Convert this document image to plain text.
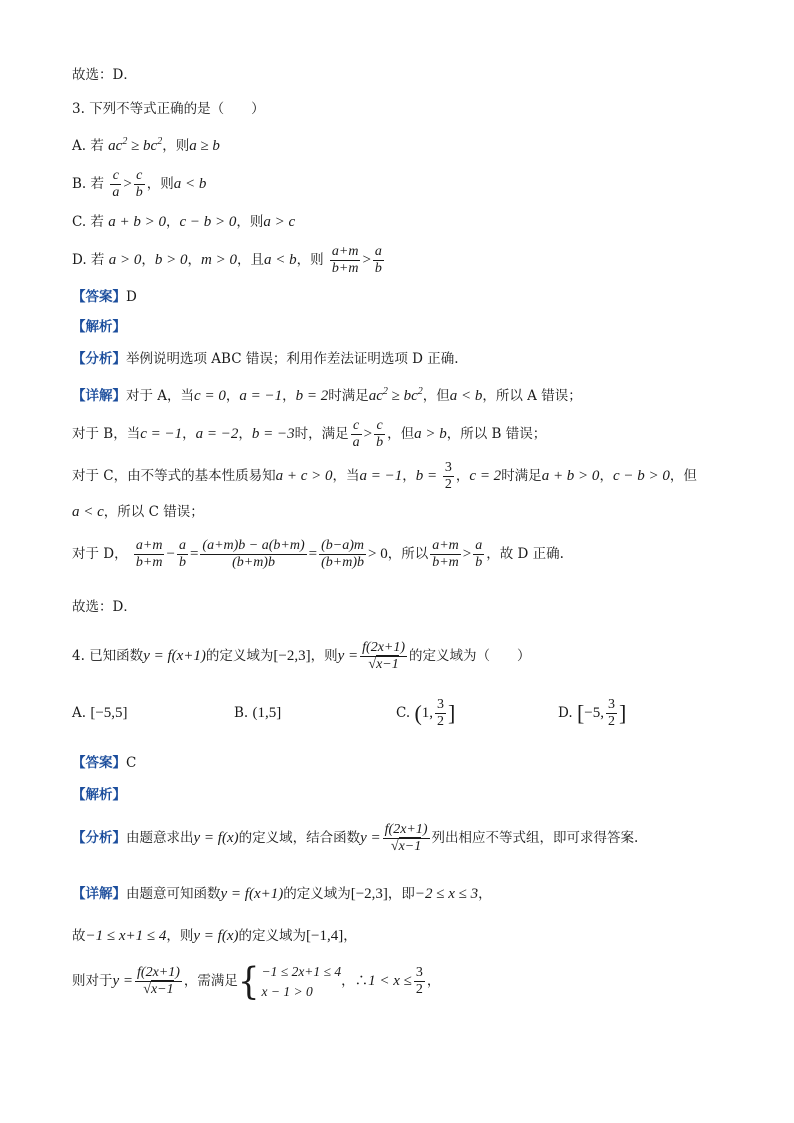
故选：D．
3. 下列不等式正确的是（　　）
A. 若 $ac^2 \ge bc^2$，则a ≥ b
B. 若 $\frac{c}{a} > \frac{c}{b}$ ，则a < b
C. 若 a + b > 0，c − b > 0，则a > c
D. 若 a > 0，b > 0，m > 0，且a < b，则 $\frac{a+m}{b+m} > \frac{a}{b}$
【答案】D
【解析】
【分析】举例说明选项 ABC 错误；利用作差法证明选项 D 正确.
【详解】对于 A，当c = 0，a = −1，b = 2时满足$ac^2 \ge bc^2$，但a < b，所以 A 错误；
对于 B，当c = −1，a = −2，b = −3时，满足 $\frac{c}{a} > \frac{c}{b}$ ，但a > b，所以 B 错误；
对于 C，由不等式的基本性质易知a + c > 0，当a = −1，$b = \frac{3}{2}$ ，c = 2时满足a + b > 0，c − b > 0，但
a < c，所以 C 错误；
对于 D， $\frac{a+m}{b+m} - \frac{a}{b} = \frac{(a+m)b - a(b+m)}{(b+m)b} = \frac{(b-a)m}{(b+m)b} > 0$，所以 $\frac{a+m}{b+m} > \frac{a}{b}$ ，故 D 正确.
故选：D．
4. 已知函数y = f(x+1)的定义域为[−2,3]，则$y = \frac{f(2x+1)}{√x-1}$ 的定义域为（　　）
A. [−5,5]	B. (1,5]	C. (1, $\frac{3}{2}$ ]	D. [−5, $\frac{3}{2}$ ]
【答案】C
【解析】
【分析】由题意求出y = f(x)的定义域，结合函数$y = \frac{f(2x+1)}{√x-1}$ 列出相应不等式组，即可求得答案.
【详解】由题意可知函数y = f(x+1)的定义域为[−2,3]，即−2 ≤ x ≤ 3，
故−1 ≤ x+1 ≤ 4，则y = f(x)的定义域为[−1,4]，
则对于$y = \frac{f(2x+1)}{√x-1}$ ，需满足{ −1 ≤ 2x+1 ≤ 4
x − 1 > 0，∴1 < $x \le \frac{3}{2}$ ，
